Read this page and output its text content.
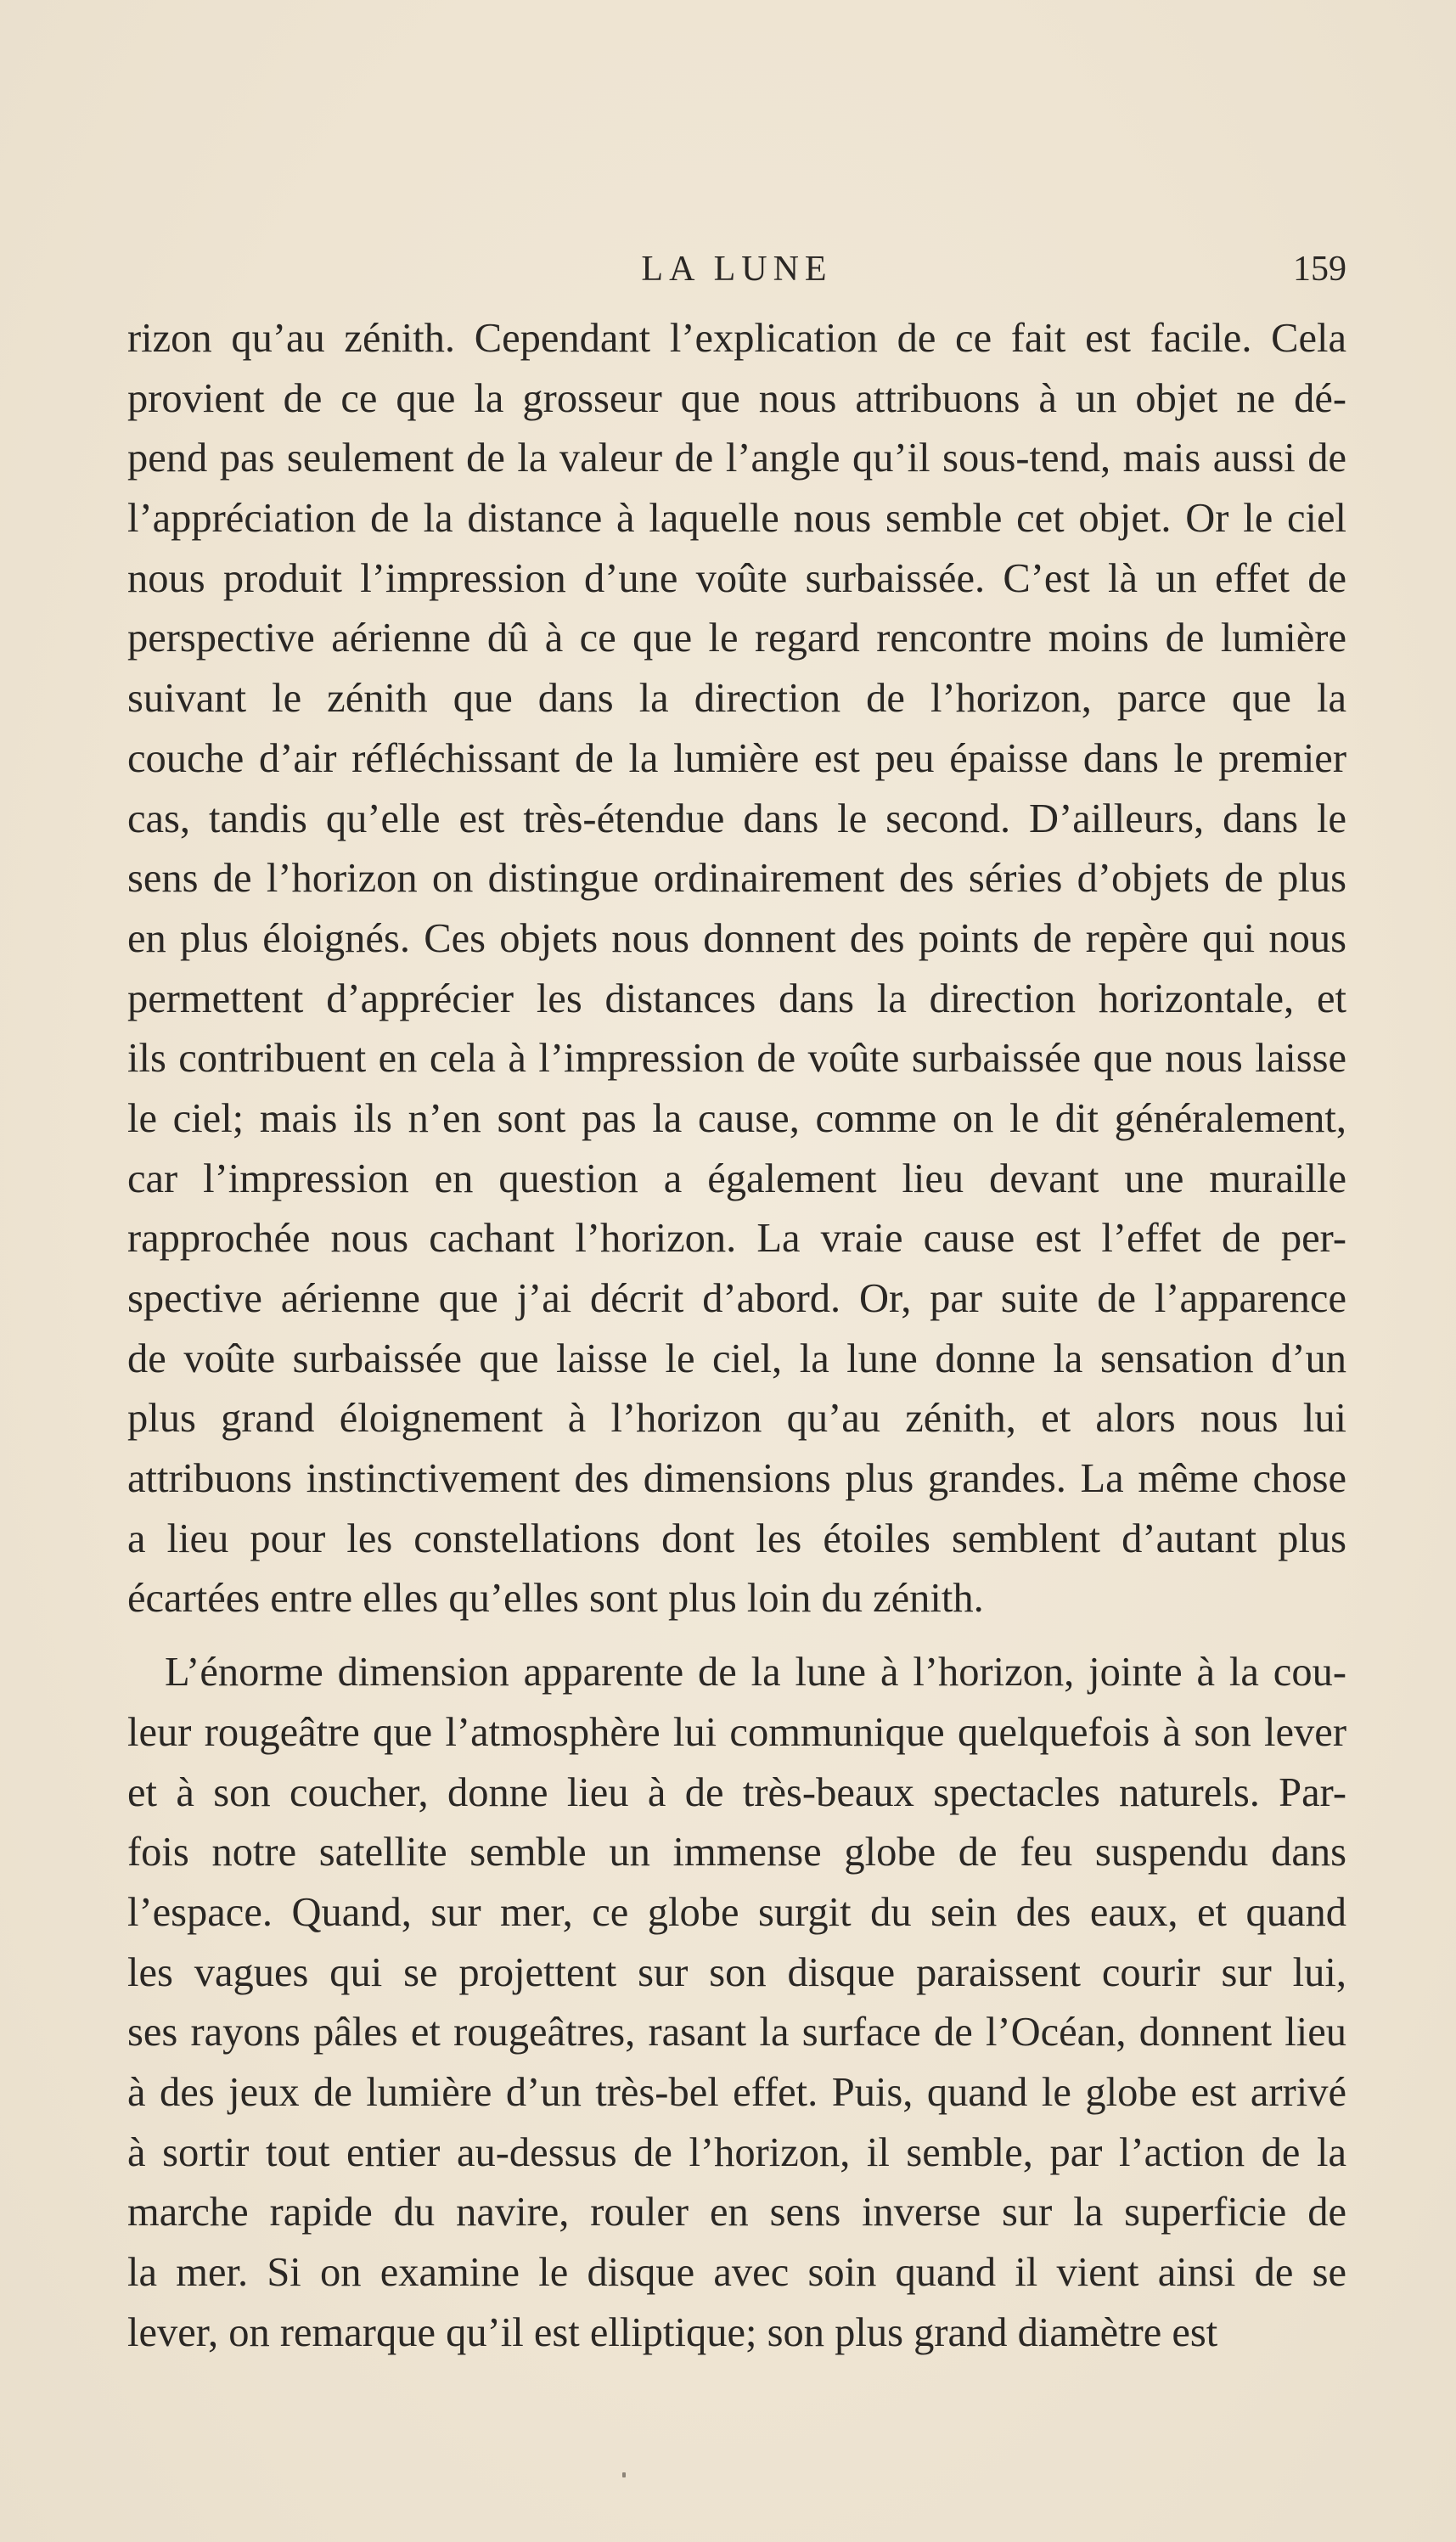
LA LUNE	159
rizon qu’au zénith. Cependant l’explication de ce fait est facile. Cela
provient de ce que la grosseur que nous attribuons à un objet ne dé-
pend pas seulement de la valeur de l’angle qu’il sous-tend, mais aussi de
l’appréciation de la distance à laquelle nous semble cet objet. Or le ciel
nous produit l’impression d’une voûte surbaissée. C’est là un effet de
perspective aérienne dû à ce que le regard rencontre moins de lumière
suivant le zénith que dans la direction de l’horizon, parce que la
couche d’air réfléchissant de la lumière est peu épaisse dans le premier
cas, tandis qu’elle est très-étendue dans le second. D’ailleurs, dans le
sens de l’horizon on distingue ordinairement des séries d’objets de plus
en plus éloignés. Ces objets nous donnent des points de repère qui nous
permettent d’apprécier les distances dans la direction horizontale, et
ils contribuent en cela à l’impression de voûte surbaissée que nous laisse
le ciel; mais ils n’en sont pas la cause, comme on le dit généralement,
car l’impression en question a également lieu devant une muraille
rapprochée nous cachant l’horizon. La vraie cause est l’effet de per-
spective aérienne que j’ai décrit d’abord. Or, par suite de l’apparence
de voûte surbaissée que laisse le ciel, la lune donne la sensation d’un
plus grand éloignement à l’horizon qu’au zénith, et alors nous lui
attribuons instinctivement des dimensions plus grandes. La même chose
a lieu pour les constellations dont les étoiles semblent d’autant plus
écartées entre elles qu’elles sont plus loin du zénith.
L’énorme dimension apparente de la lune à l’horizon, jointe à la cou-
leur rougeâtre que l’atmosphère lui communique quelquefois à son lever
et à son coucher, donne lieu à de très-beaux spectacles naturels. Par-
fois notre satellite semble un immense globe de feu suspendu dans
l’espace. Quand, sur mer, ce globe surgit du sein des eaux, et quand
les vagues qui se projettent sur son disque paraissent courir sur lui,
ses rayons pâles et rougeâtres, rasant la surface de l’Océan, donnent lieu
à des jeux de lumière d’un très-bel effet. Puis, quand le globe est arrivé
à sortir tout entier au-dessus de l’horizon, il semble, par l’action de la
marche rapide du navire, rouler en sens inverse sur la superficie de
la mer. Si on examine le disque avec soin quand il vient ainsi de se
lever, on remarque qu’il est elliptique; son plus grand diamètre est
